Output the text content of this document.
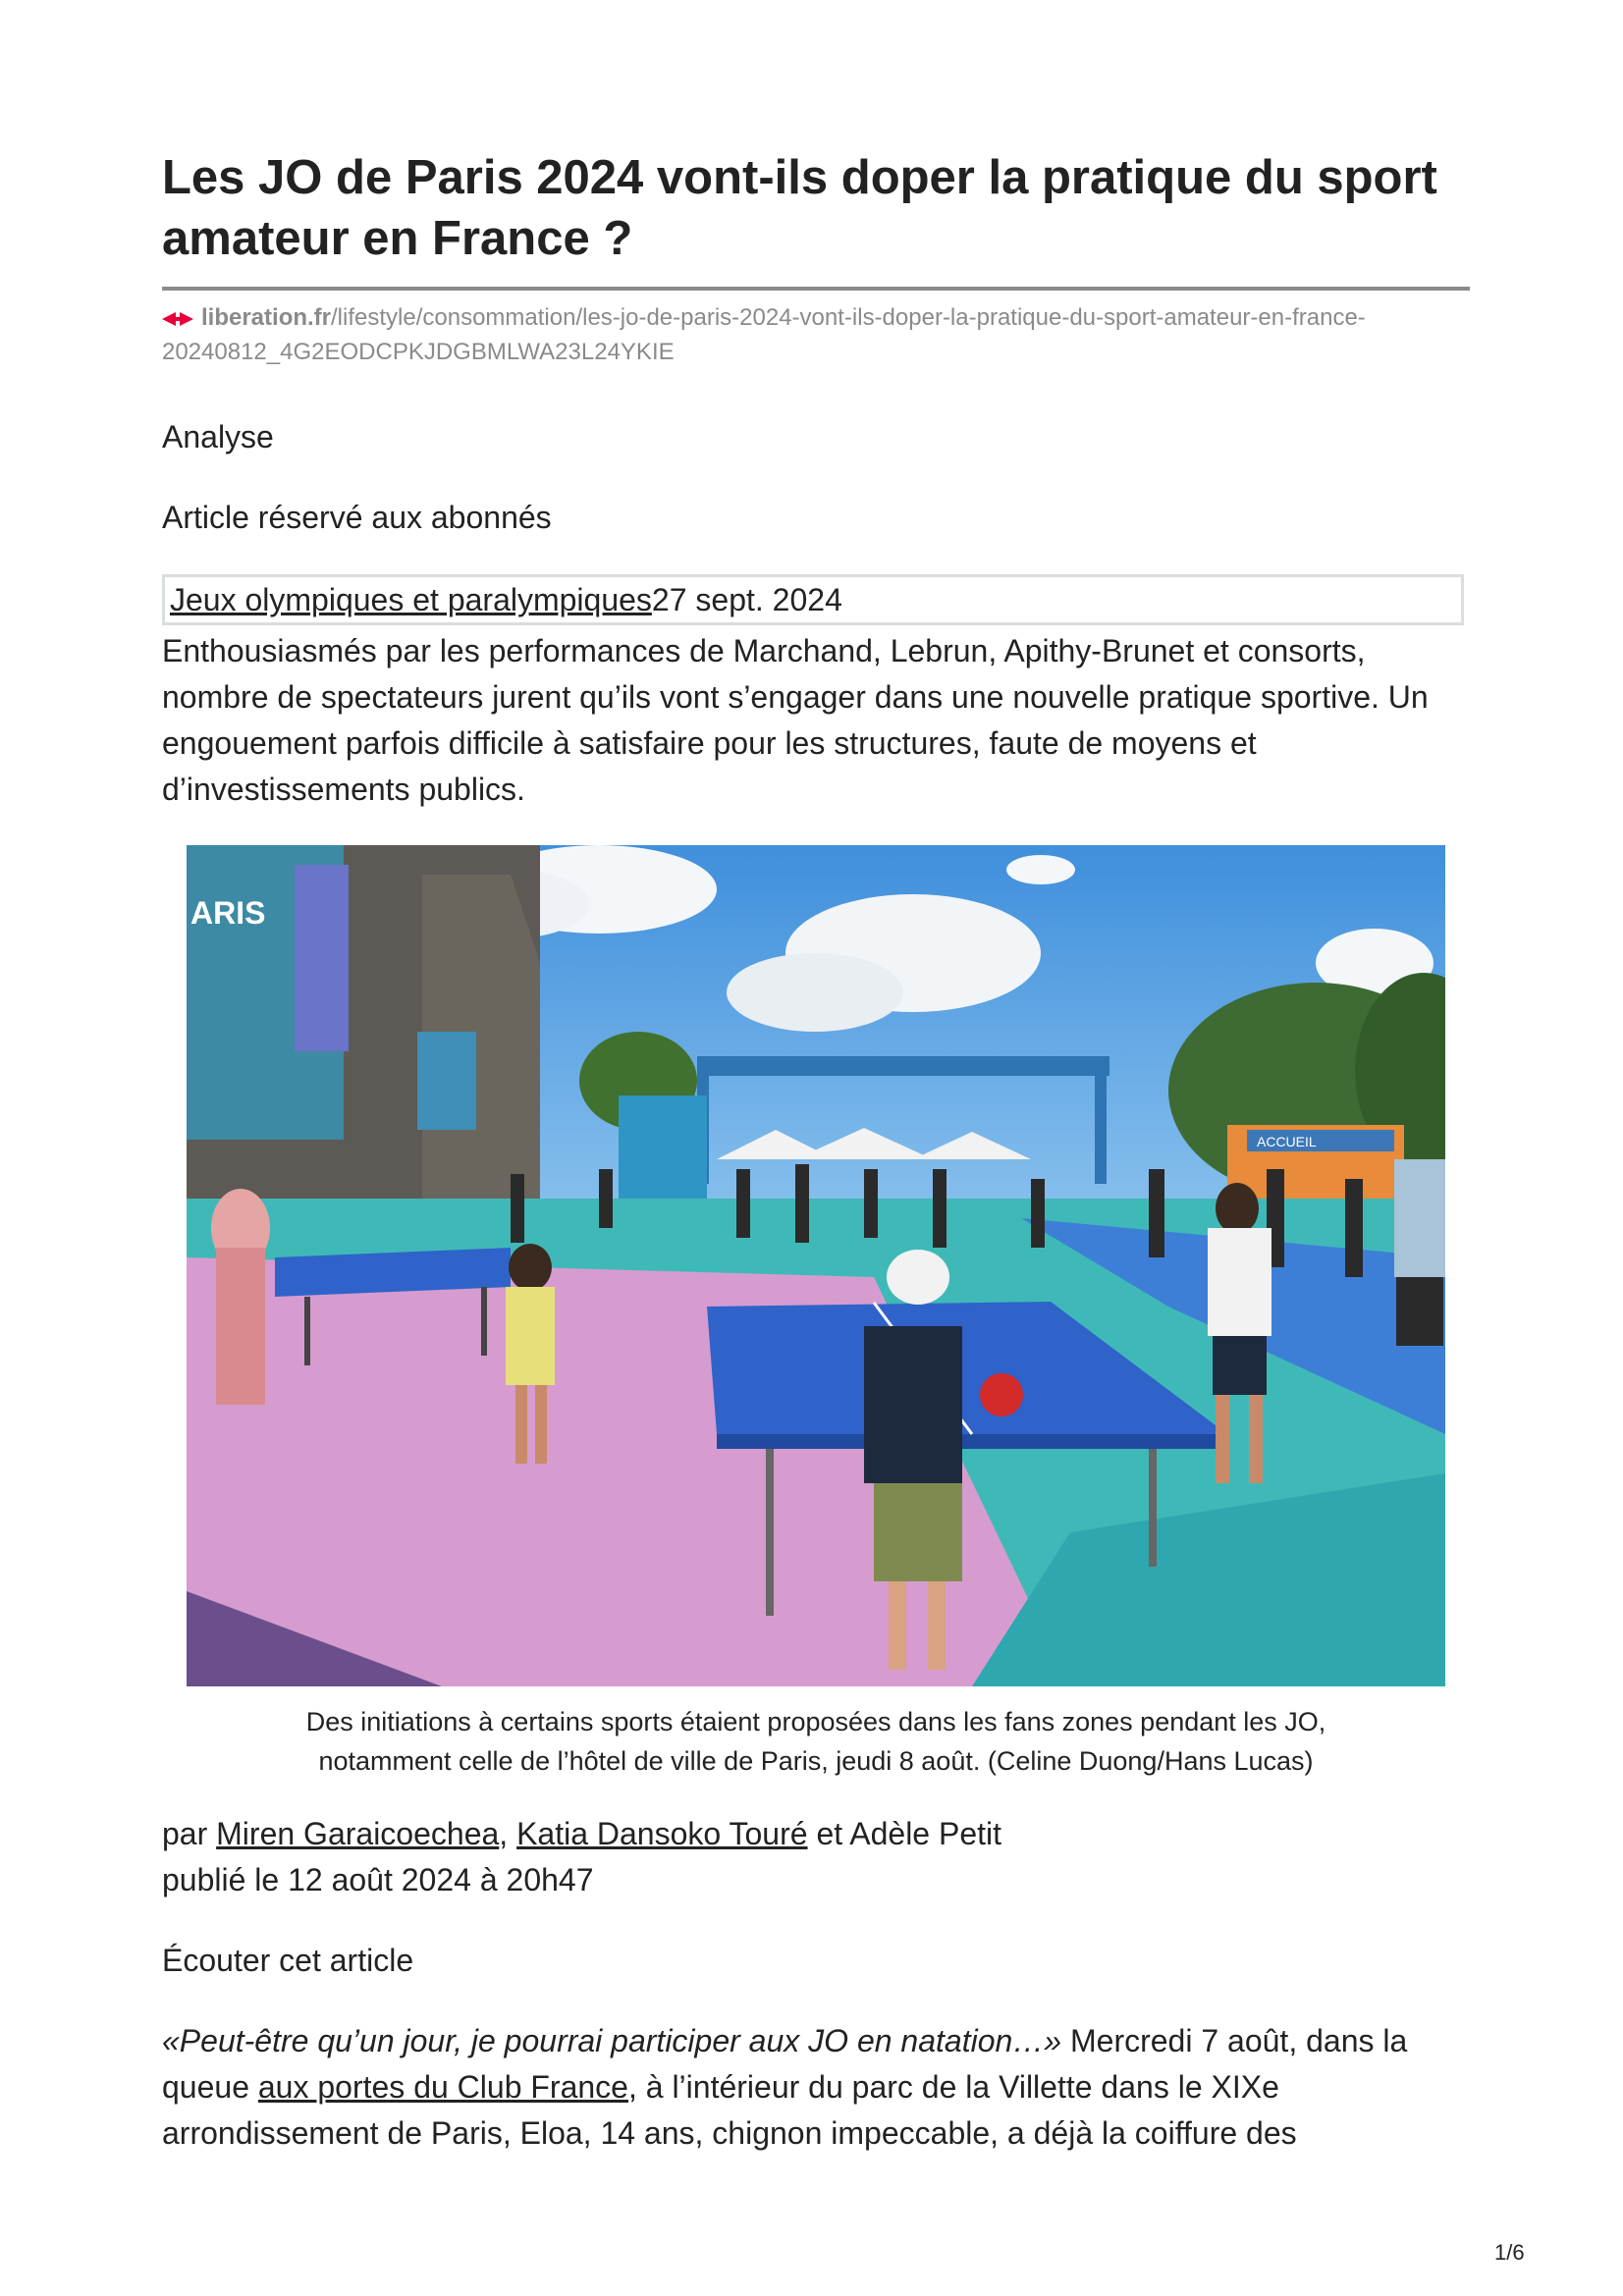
Les JO de Paris 2024 vont-ils doper la pratique du sport amateur en France ?
liberation.fr/lifestyle/consommation/les-jo-de-paris-2024-vont-ils-doper-la-pratique-du-sport-amateur-en-france-20240812_4G2EODCPKJDGBMLWA23L24YKIE

Analyse

Article réservé aux abonnés

Jeux olympiques et paralympiques27 sept. 2024

Enthousiasmés par les performances de Marchand, Lebrun, Apithy-Brunet et consorts, nombre de spectateurs jurent qu’ils vont s’engager dans une nouvelle pratique sportive. Un engouement parfois difficile à satisfaire pour les structures, faute de moyens et d’investissements publics.

ARIS
ACCUEIL
Des initiations à certains sports étaient proposées dans les fans zones pendant les JO,
notamment celle de l’hôtel de ville de Paris, jeudi 8 août. (Celine Duong/Hans Lucas)

par Miren Garaicoechea, Katia Dansoko Touré et Adèle Petit

publié le 12 août 2024 à 20h47

Écouter cet article

«Peut-être qu’un jour, je pourrai participer aux JO en natation…» Mercredi 7 août, dans la queue aux portes du Club France, à l’intérieur du parc de la Villette dans le XIXe arrondissement de Paris, Eloa, 14 ans, chignon impeccable, a déjà la coiffure des

1/6
